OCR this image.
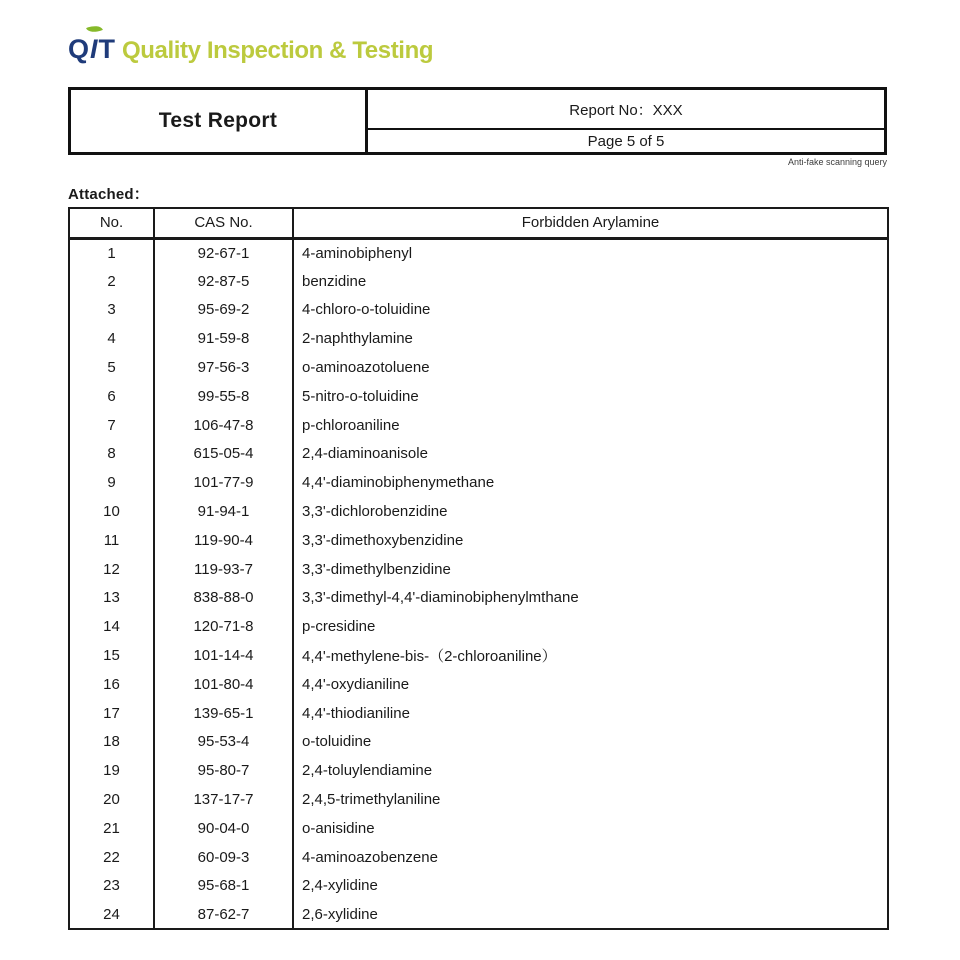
Q I T Quality Inspection & Testing
Test Report	Report No：XXX
Page 5 of 5
Anti-fake scanning query
Attached：
No.	CAS No.	Forbidden Arylamine
1	92-67-1	4-aminobiphenyl
2	92-87-5	benzidine
3	95-69-2	4-chloro-o-toluidine
4	91-59-8	2-naphthylamine
5	97-56-3	o-aminoazotoluene
6	99-55-8	5-nitro-o-toluidine
7	106-47-8	p-chloroaniline
8	615-05-4	2,4-diaminoanisole
9	101-77-9	4,4'-diaminobiphenymethane
10	91-94-1	3,3'-dichlorobenzidine
11	119-90-4	3,3'-dimethoxybenzidine
12	119-93-7	3,3'-dimethylbenzidine
13	838-88-0	3,3'-dimethyl-4,4'-diaminobiphenylmthane
14	120-71-8	p-cresidine
15	101-14-4	4,4'-methylene-bis-（2-chloroaniline）
16	101-80-4	4,4'-oxydianiline
17	139-65-1	4,4'-thiodianiline
18	95-53-4	o-toluidine
19	95-80-7	2,4-toluylendiamine
20	137-17-7	2,4,5-trimethylaniline
21	90-04-0	o-anisidine
22	60-09-3	4-aminoazobenzene
23	95-68-1	2,4-xylidine
24	87-62-7	2,6-xylidine
